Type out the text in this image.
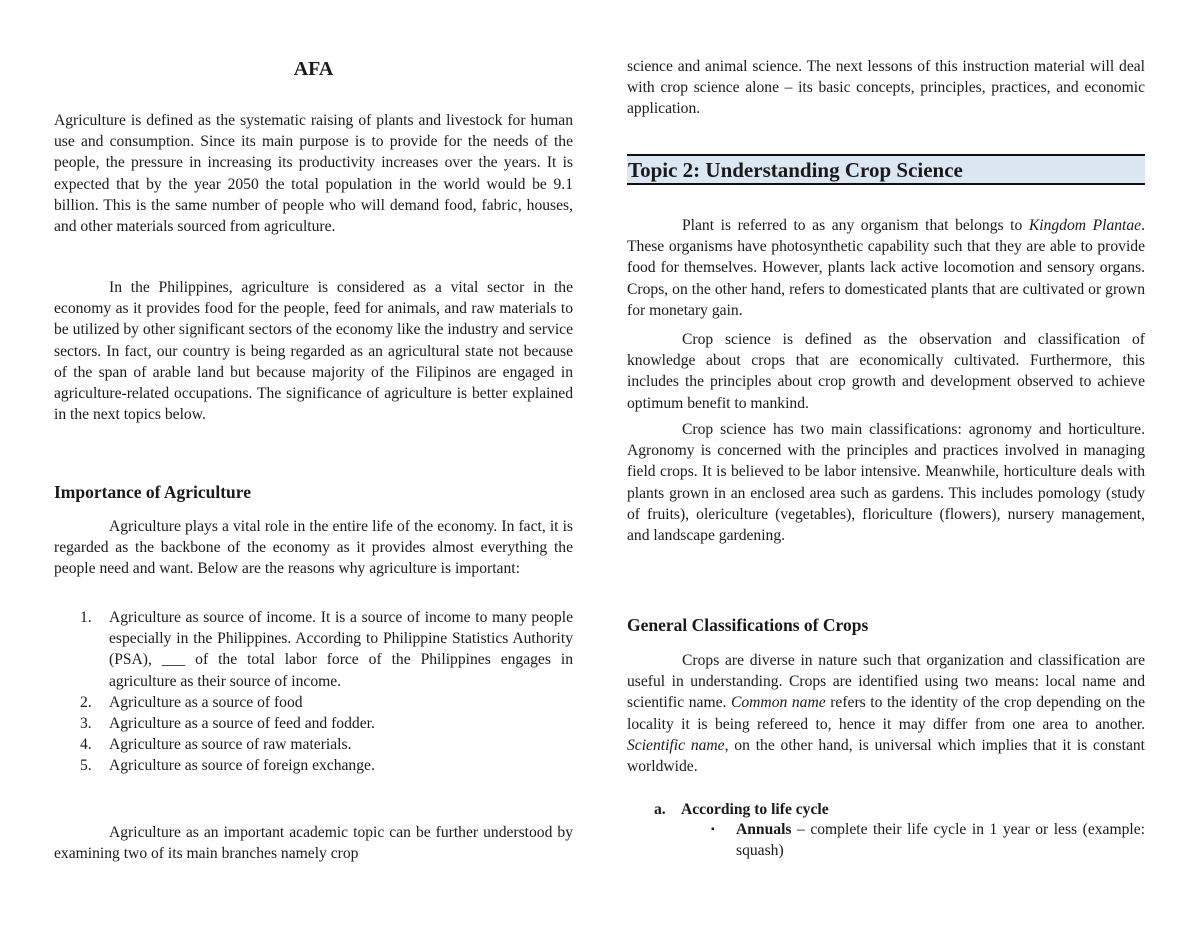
AFA

Agriculture is defined as the systematic raising of plants and livestock for human use and consumption. Since its main purpose is to provide for the needs of the people, the pressure in increasing its productivity increases over the years. It is expected that by the year 2050 the total population in the world would be 9.1 billion. This is the same number of people who will demand food, fabric, houses, and other materials sourced from agriculture.

In the Philippines, agriculture is considered as a vital sector in the economy as it provides food for the people, feed for animals, and raw materials to be utilized by other significant sectors of the economy like the industry and service sectors. In fact, our country is being regarded as an agricultural state not because of the span of arable land but because majority of the Filipinos are engaged in agriculture-related occupations. The significance of agriculture is better explained in the next topics below.

Importance of Agriculture

Agriculture plays a vital role in the entire life of the economy. In fact, it is regarded as the backbone of the economy as it provides almost everything the people need and want. Below are the reasons why agriculture is important:

1. Agriculture as source of income. It is a source of income to many people especially in the Philippines. According to Philippine Statistics Authority (PSA), ___ of the total labor force of the Philippines engages in agriculture as their source of income.
2. Agriculture as a source of food
3. Agriculture as a source of feed and fodder.
4. Agriculture as source of raw materials.
5. Agriculture as source of foreign exchange.

Agriculture as an important academic topic can be further understood by examining two of its main branches namely crop

science and animal science. The next lessons of this instruction material will deal with crop science alone – its basic concepts, principles, practices, and economic application.

Topic 2: Understanding Crop Science

Plant is referred to as any organism that belongs to Kingdom Plantae. These organisms have photosynthetic capability such that they are able to provide food for themselves. However, plants lack active locomotion and sensory organs. Crops, on the other hand, refers to domesticated plants that are cultivated or grown for monetary gain.

Crop science is defined as the observation and classification of knowledge about crops that are economically cultivated. Furthermore, this includes the principles about crop growth and development observed to achieve optimum benefit to mankind.

Crop science has two main classifications: agronomy and horticulture. Agronomy is concerned with the principles and practices involved in managing field crops. It is believed to be labor intensive. Meanwhile, horticulture deals with plants grown in an enclosed area such as gardens. This includes pomology (study of fruits), olericulture (vegetables), floriculture (flowers), nursery management, and landscape gardening.

General Classifications of Crops

Crops are diverse in nature such that organization and classification are useful in understanding. Crops are identified using two means: local name and scientific name. Common name refers to the identity of the crop depending on the locality it is being refereed to, hence it may differ from one area to another. Scientific name, on the other hand, is universal which implies that it is constant worldwide.

a. According to life cycle
▪ Annuals – complete their life cycle in 1 year or less (example: squash)
